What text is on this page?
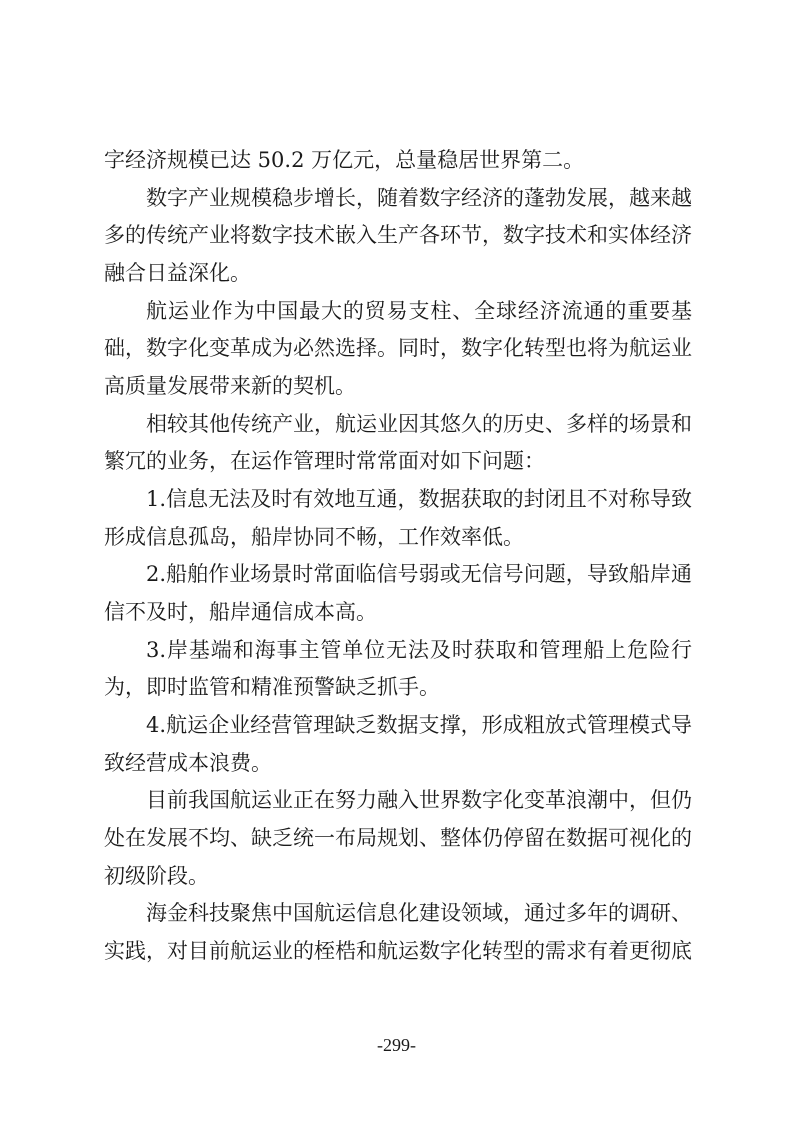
字经济规模已达 50.2 万亿元，总量稳居世界第二。
数字产业规模稳步增长，随着数字经济的蓬勃发展，越来越
多的传统产业将数字技术嵌入生产各环节，数字技术和实体经济
融合日益深化。
航运业作为中国最大的贸易支柱、全球经济流通的重要基
础，数字化变革成为必然选择。同时，数字化转型也将为航运业
高质量发展带来新的契机。
相较其他传统产业，航运业因其悠久的历史、多样的场景和
繁冗的业务，在运作管理时常常面对如下问题：
1.信息无法及时有效地互通，数据获取的封闭且不对称导致
形成信息孤岛，船岸协同不畅，工作效率低。
2.船舶作业场景时常面临信号弱或无信号问题，导致船岸通
信不及时，船岸通信成本高。
3.岸基端和海事主管单位无法及时获取和管理船上危险行
为，即时监管和精准预警缺乏抓手。
4.航运企业经营管理缺乏数据支撑，形成粗放式管理模式导
致经营成本浪费。
目前我国航运业正在努力融入世界数字化变革浪潮中，但仍
处在发展不均、缺乏统一布局规划、整体仍停留在数据可视化的
初级阶段。
海金科技聚焦中国航运信息化建设领域，通过多年的调研、
实践，对目前航运业的桎梏和航运数字化转型的需求有着更彻底
-299-
